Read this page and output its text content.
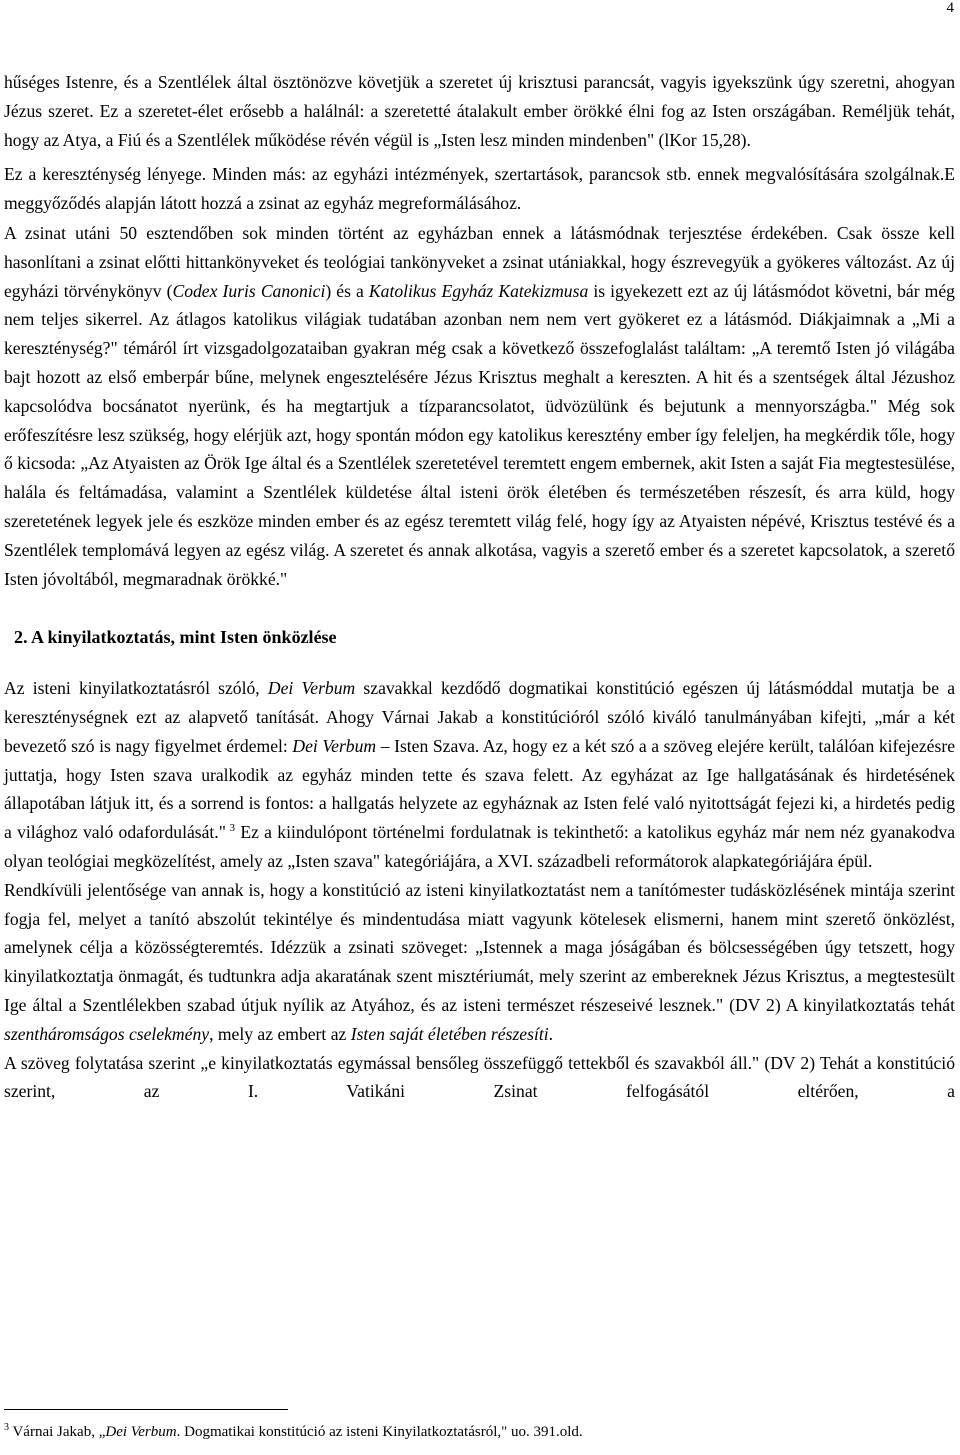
4

hűséges Istenre, és a Szentlélek által ösztönözve követjük a szeretet új krisztusi parancsát, vagyis igyekszünk úgy szeretni, ahogyan Jézus szeret. Ez a szeretet-élet erősebb a halálnál: a szeretetté átalakult ember örökké élni fog az Isten országában. Reméljük tehát, hogy az Atya, a Fiú és a Szentlélek működése révén végül is „Isten lesz minden mindenben" (lKor 15,28).

Ez a kereszténység lényege. Minden más: az egyházi intézmények, szertartások, parancsok stb. ennek megvalósítására szolgálnak.E meggyőződés alapján látott hozzá a zsinat az egyház megreformálásához.

A zsinat utáni 50 esztendőben sok minden történt az egyházban ennek a látásmódnak terjesztése érdekében. Csak össze kell hasonlítani a zsinat előtti hittankönyveket és teológiai tankönyveket a zsinat utániakkal, hogy észrevegyük a gyökeres változást. Az új egyházi törvénykönyv (Codex Iuris Canonici) és a Katolikus Egyház Katekizmusa is igyekezett ezt az új látásmódot követni, bár még nem teljes sikerrel. Az átlagos katolikus világiak tudatában azonban nem nem vert gyökeret ez a látásmód. Diákjaimnak a „Mi a kereszténység?" témáról írt vizsgadolgozataiban gyakran még csak a következő összefoglalást találtam: „A teremtő Isten jó világába bajt hozott az első emberpár bűne, melynek engesztelésére Jézus Krisztus meghalt a kereszten. A hit és a szentségek által Jézushoz kapcsolódva bocsánatot nyerünk, és ha megtartjuk a tízparancsolatot, üdvözülünk és bejutunk a mennyországba." Még sok erőfeszítésre lesz szükség, hogy elérjük azt, hogy spontán módon egy katolikus keresztény ember így feleljen, ha megkérdik tőle, hogy ő kicsoda: „Az Atyaisten az Örök Ige által és a Szentlélek szeretetével teremtett engem embernek, akit Isten a saját Fia megtestesülése, halála és feltámadása, valamint a Szentlélek küldetése által isteni örök életében és természetében részesít, és arra küld, hogy szeretetének legyek jele és eszköze minden ember és az egész teremtett világ felé, hogy így az Atyaisten népévé, Krisztus testévé és a Szentlélek templomává legyen az egész világ. A szeretet és annak alkotása, vagyis a szerető ember és a szeretet kapcsolatok, a szerető Isten jóvoltából, megmaradnak örökké."

2. A kinyilatkoztatás, mint Isten önközlése

Az isteni kinyilatkoztatásról szóló, Dei Verbum szavakkal kezdődő dogmatikai konstitúció egészen új látásmóddal mutatja be a kereszténységnek ezt az alapvető tanítását. Ahogy Várnai Jakab a konstitúcióról szóló kiváló tanulmányában kifejti, „már a két bevezető szó is nagy figyelmet érdemel: Dei Verbum – Isten Szava. Az, hogy ez a két szó a a szöveg elejére került, találóan kifejezésre juttatja, hogy Isten szava uralkodik az egyház minden tette és szava felett. Az egyházat az Ige hallgatásának és hirdetésének állapotában látjuk itt, és a sorrend is fontos: a hallgatás helyzete az egyháznak az Isten felé való nyitottságát fejezi ki, a hirdetés pedig a világhoz való odafordulását." $^3$ Ez a kiindulópont történelmi fordulatnak is tekinthető: a katolikus egyház már nem néz gyanakodva olyan teológiai megközelítést, amely az „Isten szava" kategóriájára, a XVI. századbeli reformátorok alapkategóriájára épül.

Rendkívüli jelentősége van annak is, hogy a konstitúció az isteni kinyilatkoztatást nem a tanítómester tudásközlésének mintája szerint fogja fel, melyet a tanító abszolút tekintélye és mindentudása miatt vagyunk kötelesek elismerni, hanem mint szerető önközlést, amelynek célja a közösségteremtés. Idézzük a zsinati szöveget: „Istennek a maga jóságában és bölcsességében úgy tetszett, hogy kinyilatkoztatja önmagát, és tudtunkra adja akaratának szent misztériumát, mely szerint az embereknek Jézus Krisztus, a megtestesült Ige által a Szentlélekben szabad útjuk nyílik az Atyához, és az isteni természet részeseivé lesznek." (DV 2) A kinyilatkoztatás tehát szentháromságos cselekmény, mely az embert az Isten saját életében részesíti.

A szöveg folytatása szerint „e kinyilatkoztatás egymással bensőleg összefüggő tettekből és szavakból áll." (DV 2) Tehát a konstitúció szerint, az I. Vatikáni Zsinat felfogásától eltérően, a

$^3$ Várnai Jakab, „Dei Verbum. Dogmatikai konstitúció az isteni Kinyilatkoztatásról," uo. 391.old.
